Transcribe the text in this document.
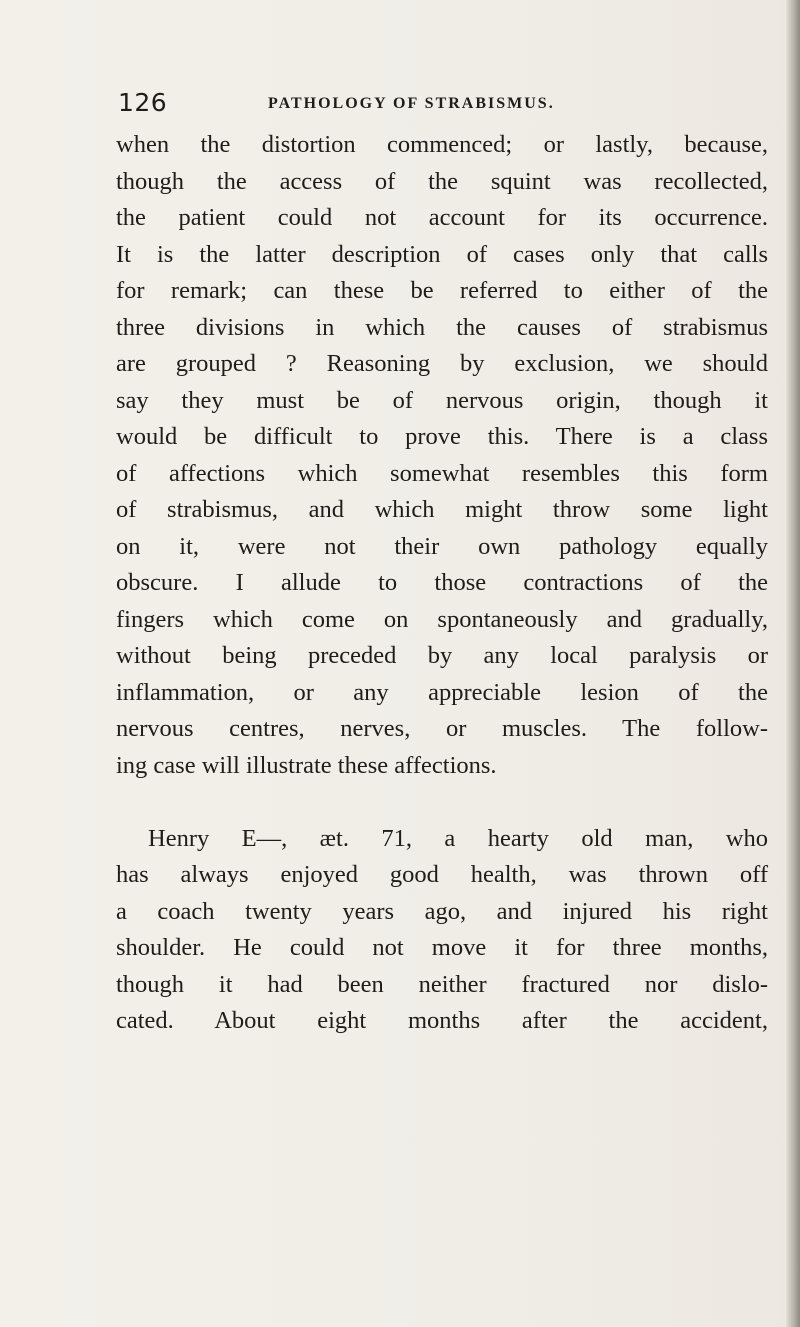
126	PATHOLOGY OF STRABISMUS.
when the distortion commenced; or lastly, because,
though the access of the squint was recollected,
the patient could not account for its occurrence.
It is the latter description of cases only that calls
for remark; can these be referred to either of the
three divisions in which the causes of strabismus
are grouped ? Reasoning by exclusion, we should
say they must be of nervous origin, though it
would be difficult to prove this. There is a class
of affections which somewhat resembles this form
of strabismus, and which might throw some light
on it, were not their own pathology equally
obscure. I allude to those contractions of the
fingers which come on spontaneously and gradually,
without being preceded by any local paralysis or
inflammation, or any appreciable lesion of the
nervous centres, nerves, or muscles. The follow-
ing case will illustrate these affections.
Henry E—, æt. 71, a hearty old man, who
has always enjoyed good health, was thrown off
a coach twenty years ago, and injured his right
shoulder. He could not move it for three months,
though it had been neither fractured nor dislo-
cated. About eight months after the accident,
